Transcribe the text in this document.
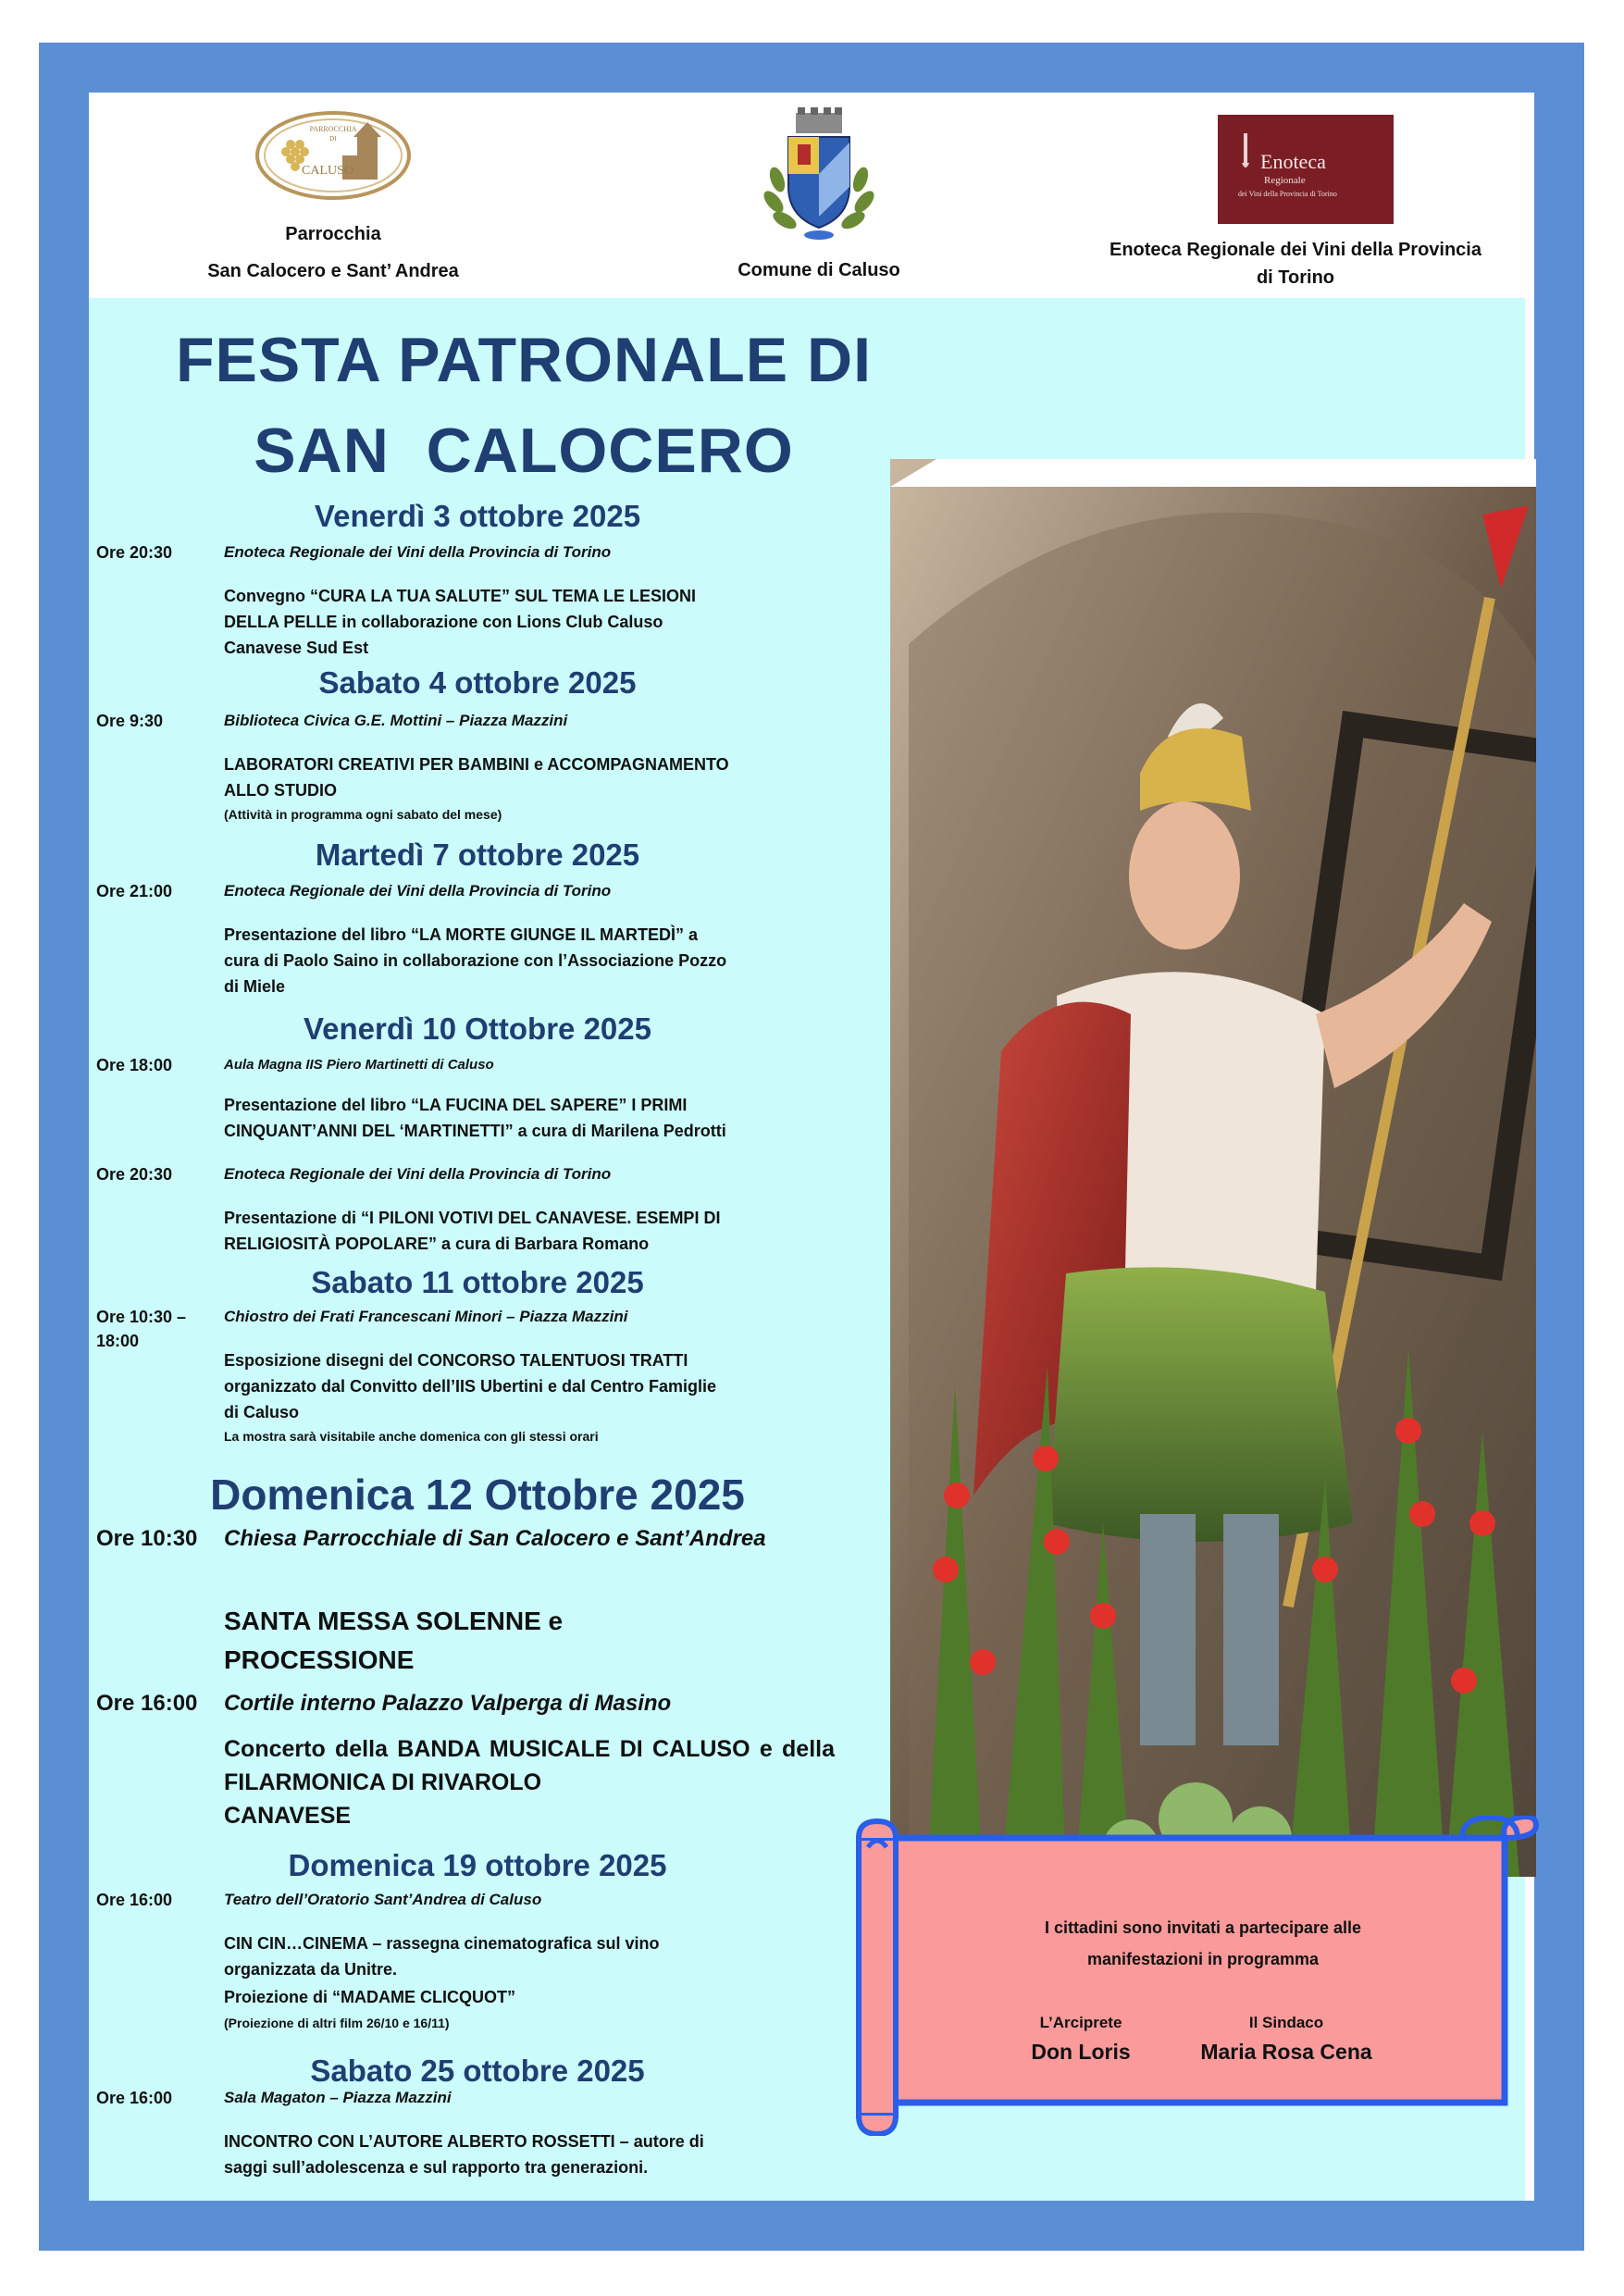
PARROCCHIA
DI
CALUSO
Parrocchia
San Calocero e Sant’ Andrea	Comune di Caluso
Enoteca
Regionale
dei Vini della Provincia di Torino
Enoteca Regionale dei Vini della Provincia
di Torino
FESTA PATRONALE DI
SAN  CALOCERO
Venerdì 3 ottobre 2025
Sabato 4 ottobre 2025
Martedì 7 ottobre 2025
Venerdì 10 Ottobre 2025
Sabato 11 ottobre 2025
Domenica 12 Ottobre 2025
Domenica 19 ottobre 2025
Sabato 25 ottobre 2025
Ore 20:30	Enoteca Regionale dei Vini della Provincia di Torino
Convegno “CURA LA TUA SALUTE” SUL TEMA LE LESIONI
DELLA PELLE in collaborazione con Lions Club Caluso
Canavese Sud Est
Ore 9:30	Biblioteca Civica G.E. Mottini – Piazza Mazzini
LABORATORI CREATIVI PER BAMBINI e ACCOMPAGNAMENTO
ALLO STUDIO
(Attività in programma ogni sabato del mese)
Ore 21:00	Enoteca Regionale dei Vini della Provincia di Torino
Presentazione del libro “LA MORTE GIUNGE IL MARTEDÌ” a
cura di Paolo Saino in collaborazione con l’Associazione Pozzo
di Miele
Ore 18:00	Aula Magna IIS Piero Martinetti di Caluso
Presentazione del libro “LA FUCINA DEL SAPERE” I PRIMI
CINQUANT’ANNI DEL ‘MARTINETTI” a cura di Marilena Pedrotti
Ore 20:30	Enoteca Regionale dei Vini della Provincia di Torino
Presentazione di “I PILONI VOTIVI DEL CANAVESE. ESEMPI DI
RELIGIOSITÀ POPOLARE” a cura di Barbara Romano
Ore 10:30 –
18:00
Chiostro dei Frati Francescani Minori – Piazza Mazzini
Esposizione disegni del CONCORSO TALENTUOSI TRATTI
organizzato dal Convitto dell’IIS Ubertini e dal Centro Famiglie
di Caluso
La mostra sarà visitabile anche domenica con gli stessi orari
Ore 10:30	Chiesa Parrocchiale di San Calocero e Sant’Andrea
SANTA MESSA SOLENNE e
PROCESSIONE
Ore 16:00	Cortile interno Palazzo Valperga di Masino
Concerto della BANDA MUSICALE DI CALUSO e della FILARMONICA DI RIVAROLO
CANAVESE
Ore 16:00	Teatro dell’Oratorio Sant’Andrea di Caluso
CIN CIN…CINEMA – rassegna cinematografica sul vino
organizzata da Unitre.
Proiezione di “MADAME CLICQUOT”
(Proiezione di altri film 26/10 e 16/11)
Ore 16:00	Sala Magaton – Piazza Mazzini
INCONTRO CON L’AUTORE ALBERTO ROSSETTI – autore di
saggi sull’adolescenza e sul rapporto tra generazioni.
I cittadini sono invitati a partecipare alle
manifestazioni in programma
L’Arciprete
Don Loris
Il Sindaco
Maria Rosa Cena
